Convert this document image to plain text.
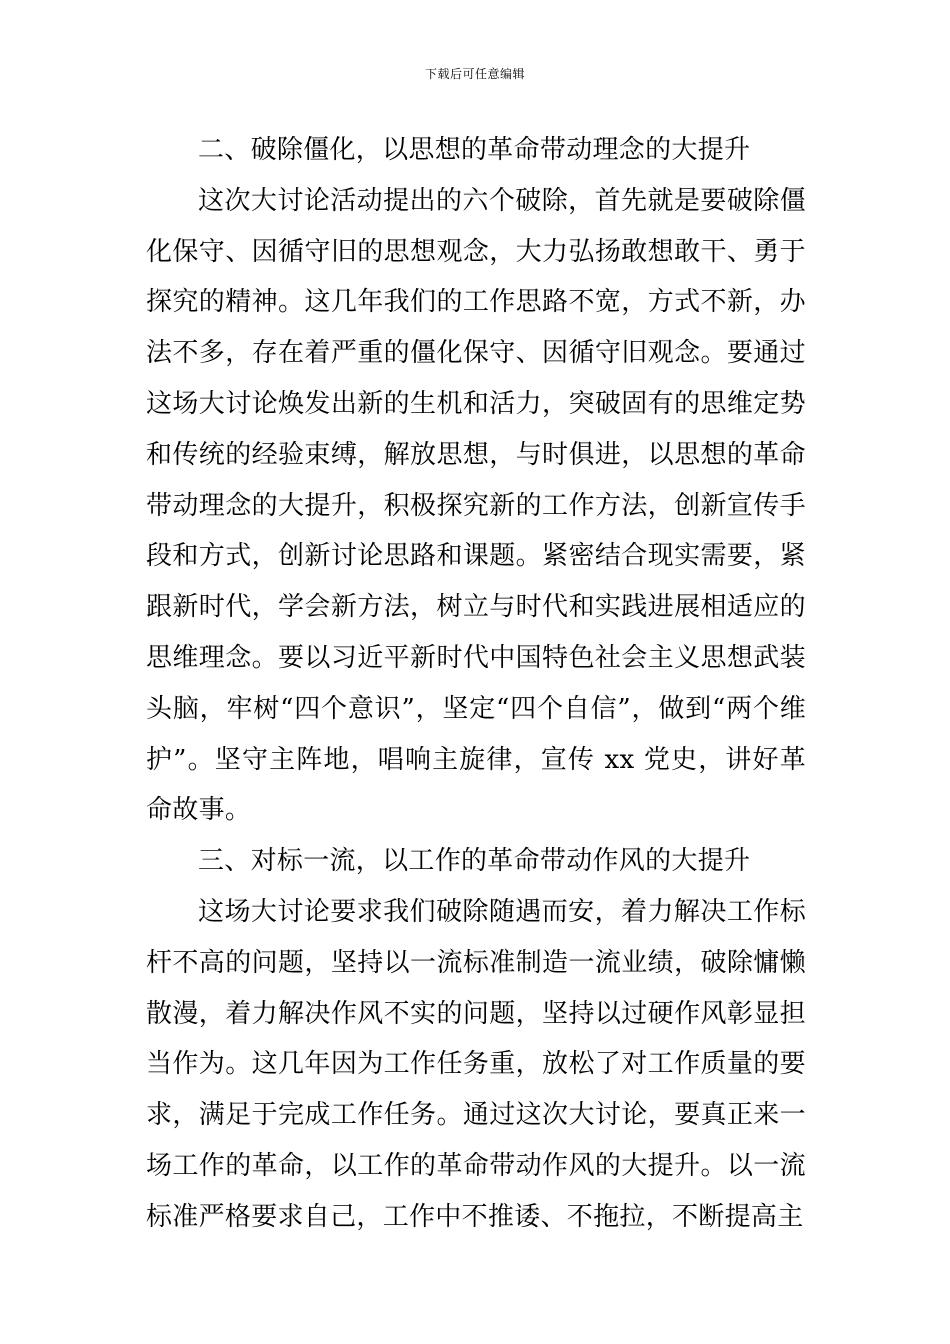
下载后可任意编辑

二、破除僵化，以思想的革命带动理念的大提升

这次大讨论活动提出的六个破除，首先就是要破除僵化保守、因循守旧的思想观念，大力弘扬敢想敢干、勇于探究的精神。这几年我们的工作思路不宽，方式不新，办法不多，存在着严重的僵化保守、因循守旧观念。要通过这场大讨论焕发出新的生机和活力，突破固有的思维定势和传统的经验束缚，解放思想，与时俱进，以思想的革命带动理念的大提升，积极探究新的工作方法，创新宣传手段和方式，创新讨论思路和课题。紧密结合现实需要，紧跟新时代，学会新方法，树立与时代和实践进展相适应的思维理念。要以习近平新时代中国特色社会主义思想武装头脑，牢树“四个意识”，坚定“四个自信”，做到“两个维护”。坚守主阵地，唱响主旋律，宣传 xx 党史，讲好革命故事。

三、对标一流，以工作的革命带动作风的大提升

这场大讨论要求我们破除随遇而安，着力解决工作标杆不高的问题，坚持以一流标准制造一流业绩，破除慵懒散漫，着力解决作风不实的问题，坚持以过硬作风彰显担当作为。这几年因为工作任务重，放松了对工作质量的要求，满足于完成工作任务。通过这次大讨论，要真正来一场工作的革命，以工作的革命带动作风的大提升。以一流标准严格要求自己，工作中不推诿、不拖拉，不断提高主
